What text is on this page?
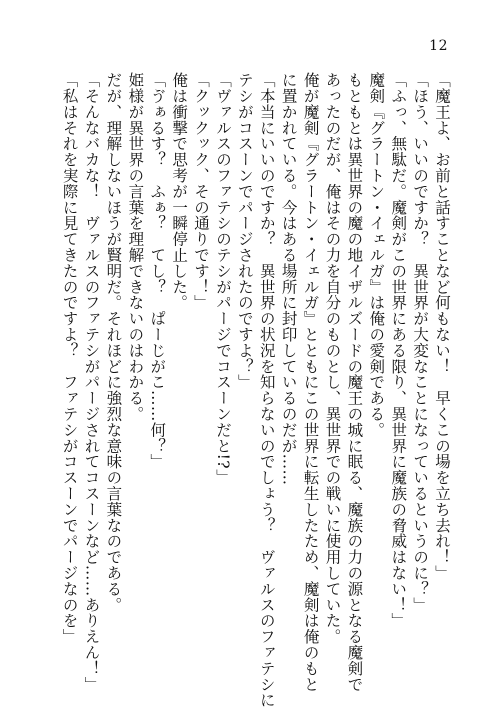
12
「魔王よ、お前と話すことなど何もない！　早くこの場を立ち去れ！」
「ほう、いいのですか？　異世界が大変なことになっているというのに？」
「ふっ、無駄だ。魔剣がこの世界にある限り、異世界に魔族の脅威はない！」
魔剣『グラートン・イェルガ』は俺の愛剣である。
もともとは異世界の魔の地イザルズードの魔王の城に眠る、魔族の力の源となる魔剣で
あったのだが、俺はその力を自分のものとし、異世界での戦いに使用していた。
俺が魔剣『グラートン・イェルガ』とともにこの世界に転生したため、魔剣は俺のもと
に置かれている。今はある場所に封印しているのだが……
「本当にいいのですか？　異世界の状況を知らないのでしょう？　ヴァルスのファテシに
テシがコスーンでパージされたのですよ？」
「ヴァルスのファテシのテシがパージでコスーンだと!?」
「クックック、その通りです！」
俺は衝撃で思考が一瞬停止した。
「ゔぁるす？　ふぁ？　てし？　ぱーじがこ……何？」
姫様が異世界の言葉を理解できないのはわかる。
だが、理解しないほうが賢明だ。それほどに強烈な意味の言葉なのである。
「そんなバカな！　ヴァルスのファテシがパージされてコスーンなど……ありえん！」
「私はそれを実際に見てきたのですよ？　ファテシがコスーンでパージなのを」
